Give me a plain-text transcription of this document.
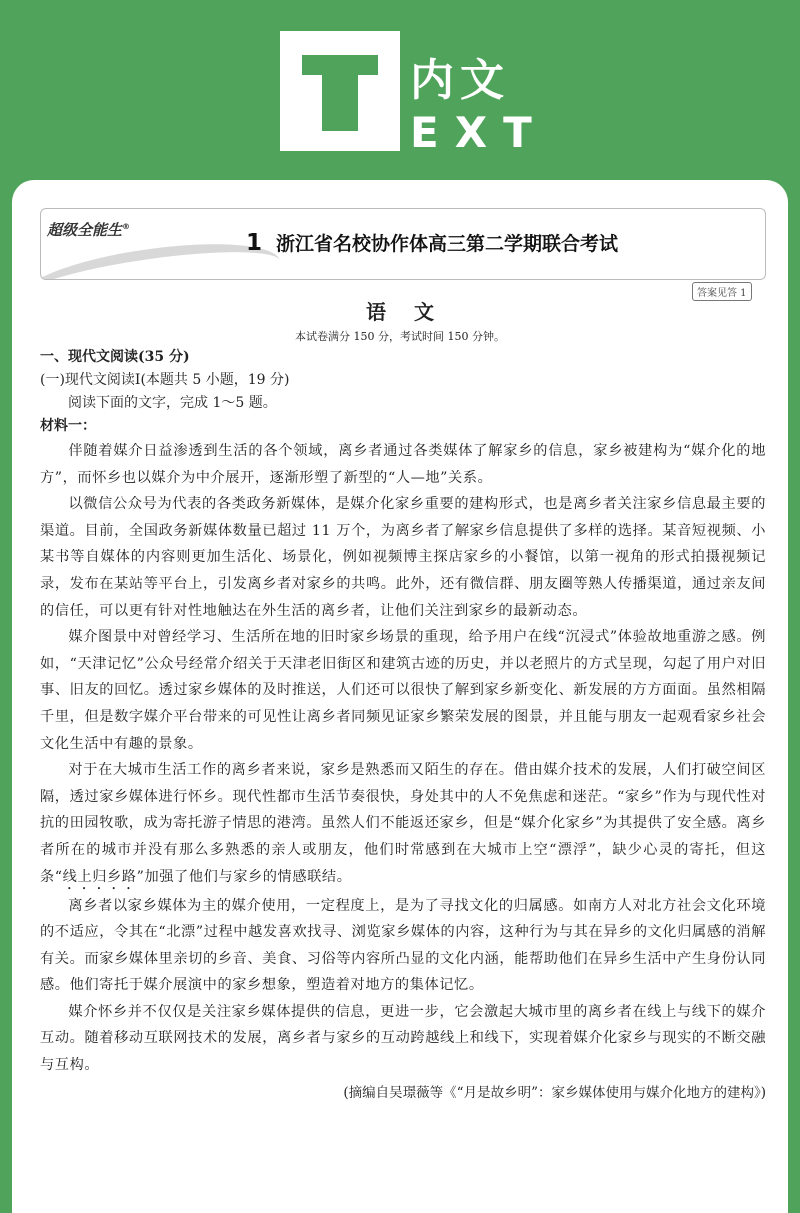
内文
EXT
超级全能生®
1 浙江省名校协作体高三第二学期联合考试
答案见答 1
语文
本试卷满分 150 分，考试时间 150 分钟。
一、现代文阅读(35 分)
(一)现代文阅读Ⅰ(本题共 5 小题，19 分)
阅读下面的文字，完成 1～5 题。
材料一：

伴随着媒介日益渗透到生活的各个领域，离乡者通过各类媒体了解家乡的信息，家乡被建构为“媒介化的地方”，而怀乡也以媒介为中介展开，逐渐形塑了新型的“人—地”关系。

以微信公众号为代表的各类政务新媒体，是媒介化家乡重要的建构形式，也是离乡者关注家乡信息最主要的渠道。目前，全国政务新媒体数量已超过 11 万个，为离乡者了解家乡信息提供了多样的选择。某音短视频、小某书等自媒体的内容则更加生活化、场景化，例如视频博主探店家乡的小餐馆，以第一视角的形式拍摄视频记录，发布在某站等平台上，引发离乡者对家乡的共鸣。此外，还有微信群、朋友圈等熟人传播渠道，通过亲友间的信任，可以更有针对性地触达在外生活的离乡者，让他们关注到家乡的最新动态。

媒介图景中对曾经学习、生活所在地的旧时家乡场景的重现，给予用户在线“沉浸式”体验故地重游之感。例如，“天津记忆”公众号经常介绍关于天津老旧街区和建筑古迹的历史，并以老照片的方式呈现，勾起了用户对旧事、旧友的回忆。透过家乡媒体的及时推送，人们还可以很快了解到家乡新变化、新发展的方方面面。虽然相隔千里，但是数字媒介平台带来的可见性让离乡者同频见证家乡繁荣发展的图景，并且能与朋友一起观看家乡社会文化生活中有趣的景象。

对于在大城市生活工作的离乡者来说，家乡是熟悉而又陌生的存在。借由媒介技术的发展，人们打破空间区隔，透过家乡媒体进行怀乡。现代性都市生活节奏很快，身处其中的人不免焦虑和迷茫。“家乡”作为与现代性对抗的田园牧歌，成为寄托游子情思的港湾。虽然人们不能返还家乡，但是“媒介化家乡”为其提供了安全感。离乡者所在的城市并没有那么多熟悉的亲人或朋友，他们时常感到在大城市上空“漂浮”，缺少心灵的寄托，但这条“线上归乡路”加强了他们与家乡的情感联结。

离乡者以家乡媒体为主的媒介使用，一定程度上，是为了寻找文化的归属感。如南方人对北方社会文化环境的不适应，令其在“北漂”过程中越发喜欢找寻、浏览家乡媒体的内容，这种行为与其在异乡的文化归属感的消解有关。而家乡媒体里亲切的乡音、美食、习俗等内容所凸显的文化内涵，能帮助他们在异乡生活中产生身份认同感。他们寄托于媒介展演中的家乡想象，塑造着对地方的集体记忆。

媒介怀乡并不仅仅是关注家乡媒体提供的信息，更进一步，它会激起大城市里的离乡者在线上与线下的媒介互动。随着移动互联网技术的发展，离乡者与家乡的互动跨越线上和线下，实现着媒介化家乡与现实的不断交融与互构。

(摘编自吴璟薇等《“月是故乡明”：家乡媒体使用与媒介化地方的建构》)
